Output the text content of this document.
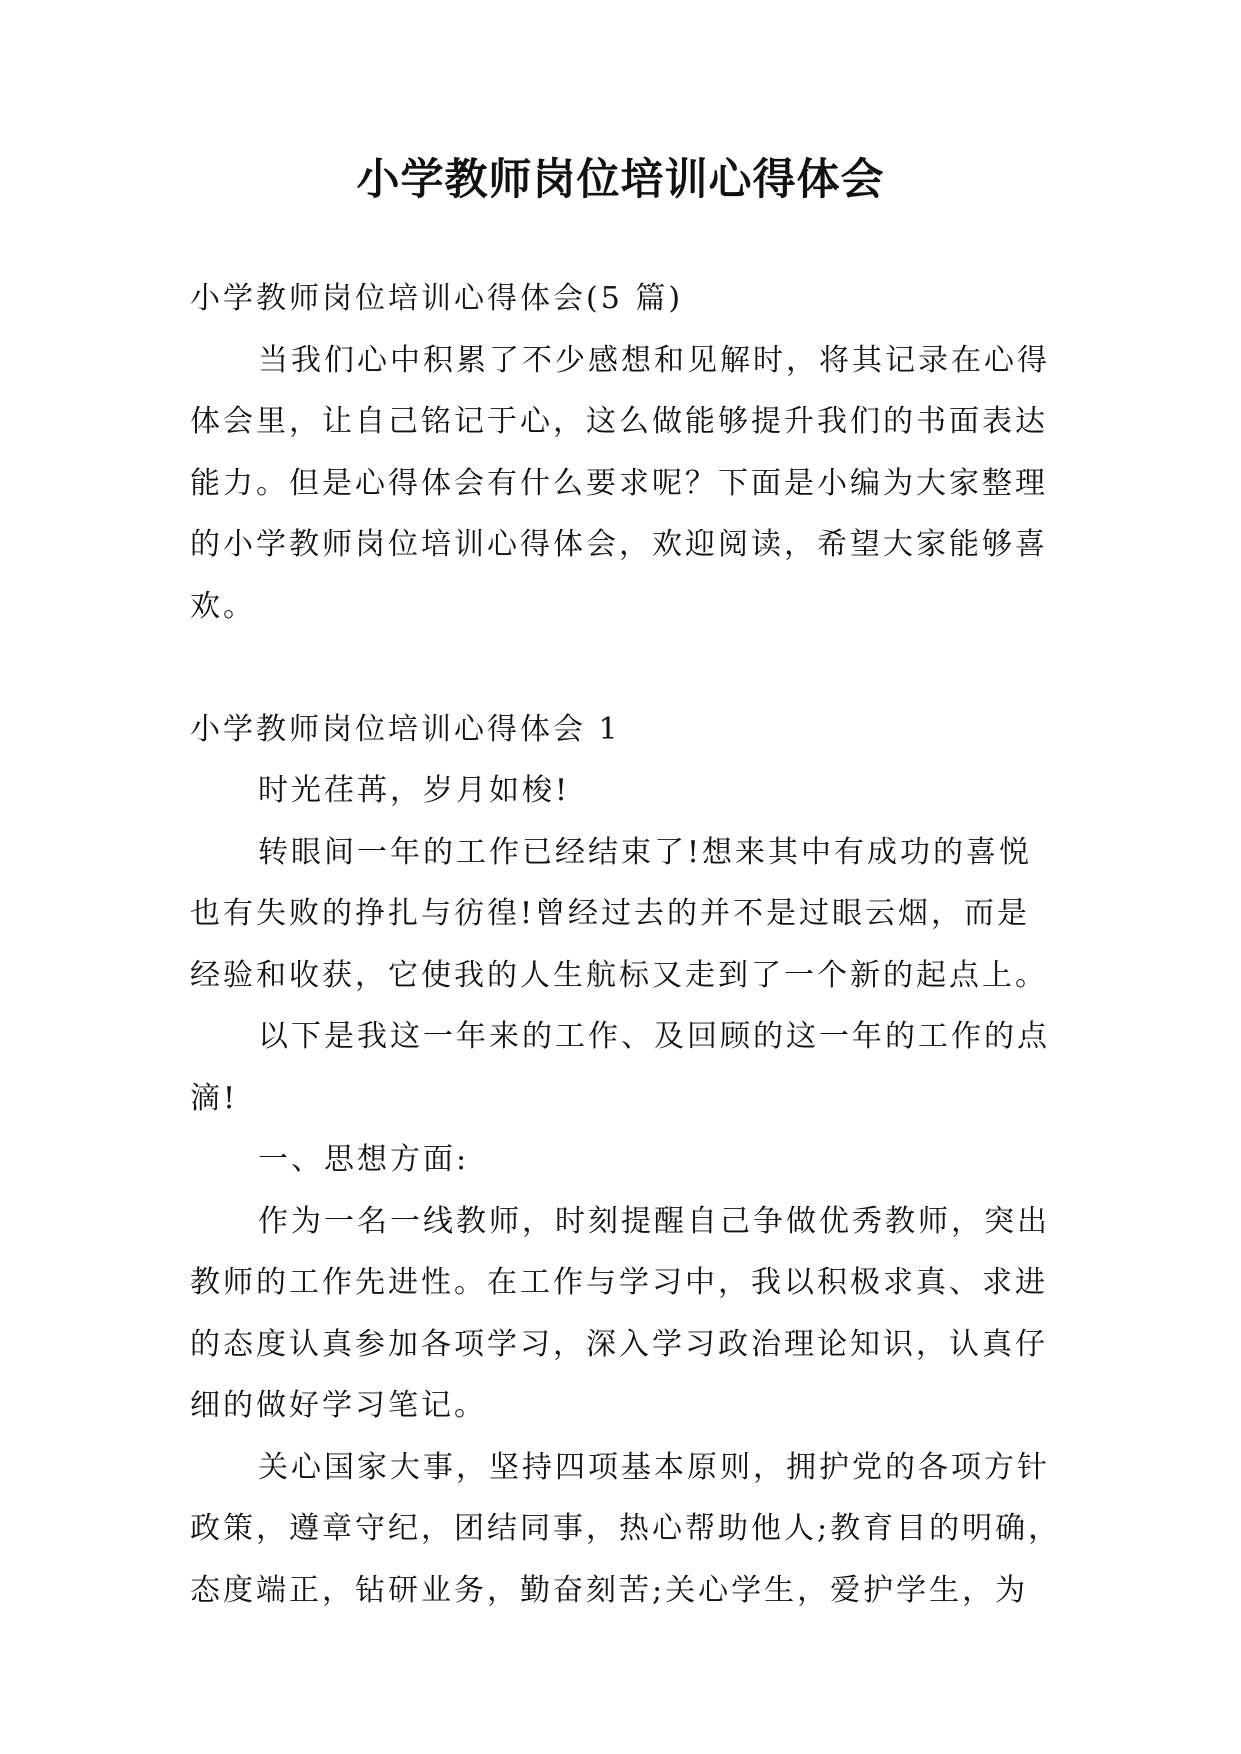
小学教师岗位培训心得体会
小学教师岗位培训心得体会(5 篇)
当我们心中积累了不少感想和见解时，将其记录在心得
体会里，让自己铭记于心，这么做能够提升我们的书面表达
能力。但是心得体会有什么要求呢？下面是小编为大家整理
的小学教师岗位培训心得体会，欢迎阅读，希望大家能够喜
欢。
小学教师岗位培训心得体会 1
时光荏苒，岁月如梭!
转眼间一年的工作已经结束了!想来其中有成功的喜悦
也有失败的挣扎与彷徨!曾经过去的并不是过眼云烟，而是
经验和收获，它使我的人生航标又走到了一个新的起点上。
以下是我这一年来的工作、及回顾的这一年的工作的点
滴!
一、思想方面:
作为一名一线教师，时刻提醒自己争做优秀教师，突出
教师的工作先进性。在工作与学习中，我以积极求真、求进
的态度认真参加各项学习，深入学习政治理论知识，认真仔
细的做好学习笔记。
关心国家大事，坚持四项基本原则，拥护党的各项方针
政策，遵章守纪，团结同事，热心帮助他人;教育目的明确，
态度端正，钻研业务，勤奋刻苦;关心学生，爱护学生，为
